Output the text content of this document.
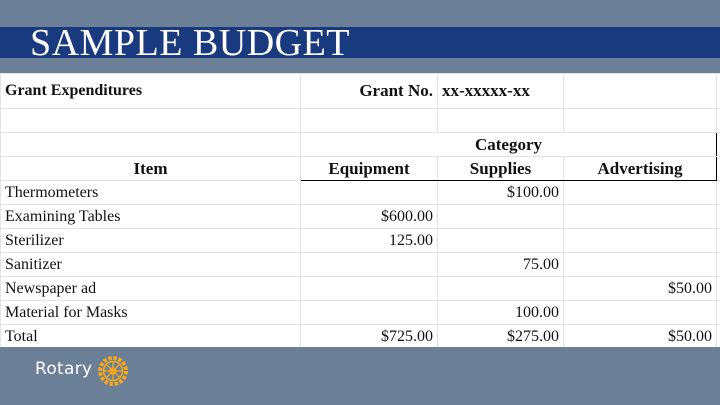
SAMPLE BUDGET
Grant Expenditures	Grant No.	xx-xxxxx-xx		

	Category			
Item	Equipment	Supplies	Advertising	
Thermometers		$100.00		
Examining Tables	$600.00			
Sterilizer	125.00			
Sanitizer		75.00		
Newspaper ad			$50.00	
Material for Masks		100.00		
Total	$725.00	$275.00	$50.00	
Rotary
